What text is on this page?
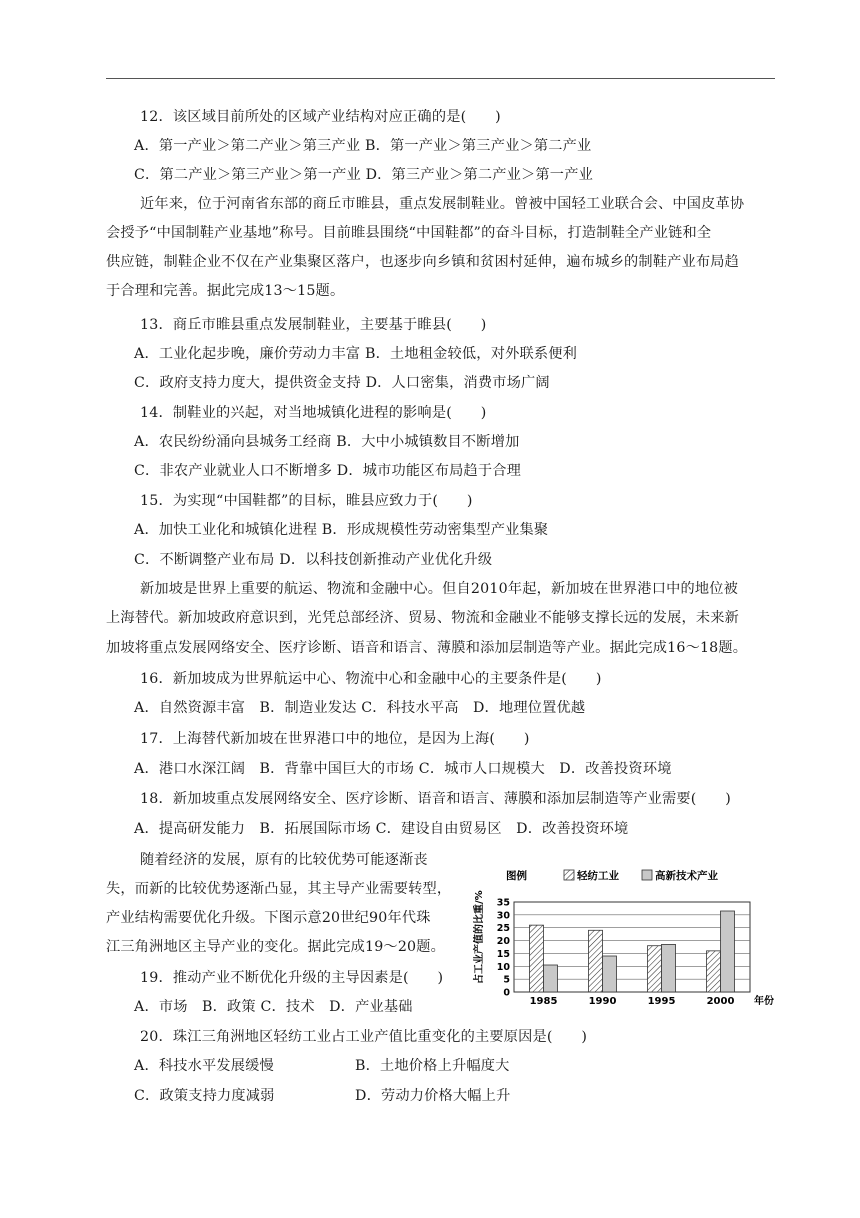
12．该区域目前所处的区域产业结构对应正确的是(　　)
A．第一产业＞第二产业＞第三产业 B．第一产业＞第三产业＞第二产业
C．第二产业＞第三产业＞第一产业 D．第三产业＞第二产业＞第一产业
近年来，位于河南省东部的商丘市睢县，重点发展制鞋业。曾被中国轻工业联合会、中国皮革协
会授予“中国制鞋产业基地”称号。目前睢县围绕“中国鞋都”的奋斗目标，打造制鞋全产业链和全
供应链，制鞋企业不仅在产业集聚区落户，也逐步向乡镇和贫困村延伸，遍布城乡的制鞋产业布局趋
于合理和完善。据此完成13～15题。
13．商丘市睢县重点发展制鞋业，主要基于睢县(　　)
A．工业化起步晚，廉价劳动力丰富 B．土地租金较低，对外联系便利
C．政府支持力度大，提供资金支持 D．人口密集，消费市场广阔
14．制鞋业的兴起，对当地城镇化进程的影响是(　　)
A．农民纷纷涌向县城务工经商 B．大中小城镇数目不断增加
C．非农产业就业人口不断增多 D．城市功能区布局趋于合理
15．为实现“中国鞋都”的目标，睢县应致力于(　　)
A．加快工业化和城镇化进程 B．形成规模性劳动密集型产业集聚
C．不断调整产业布局 D．以科技创新推动产业优化升级
新加坡是世界上重要的航运、物流和金融中心。但自2010年起，新加坡在世界港口中的地位被
上海替代。新加坡政府意识到，光凭总部经济、贸易、物流和金融业不能够支撑长远的发展，未来新
加坡将重点发展网络安全、医疗诊断、语音和语言、薄膜和添加层制造等产业。据此完成16～18题。
16．新加坡成为世界航运中心、物流中心和金融中心的主要条件是(　　)
A．自然资源丰富　B．制造业发达 C．科技水平高　D．地理位置优越
17．上海替代新加坡在世界港口中的地位，是因为上海(　　)
A．港口水深江阔　B．背靠中国巨大的市场 C．城市人口规模大　D．改善投资环境
18．新加坡重点发展网络安全、医疗诊断、语音和语言、薄膜和添加层制造等产业需要(　　)
A．提高研发能力　B．拓展国际市场 C．建设自由贸易区　D．改善投资环境
随着经济的发展，原有的比较优势可能逐渐丧
失，而新的比较优势逐渐凸显，其主导产业需要转型，
产业结构需要优化升级。下图示意20世纪90年代珠
江三角洲地区主导产业的变化。据此完成19～20题。
19．推动产业不断优化升级的主导因素是(　　)
A．市场　B．政策 C．技术　D．产业基础
20．珠江三角洲地区轻纺工业占工业产值比重变化的主要原因是(　　)
A．科技水平发展缓慢	B．土地价格上升幅度大
C．政策支持力度减弱	D．劳动力价格大幅上升
图例	轻纺工业	高新技术产业
占工业产值的比重/%
0
5
10
15
20
25
30
35
1985	1990	1995	2000 年份
